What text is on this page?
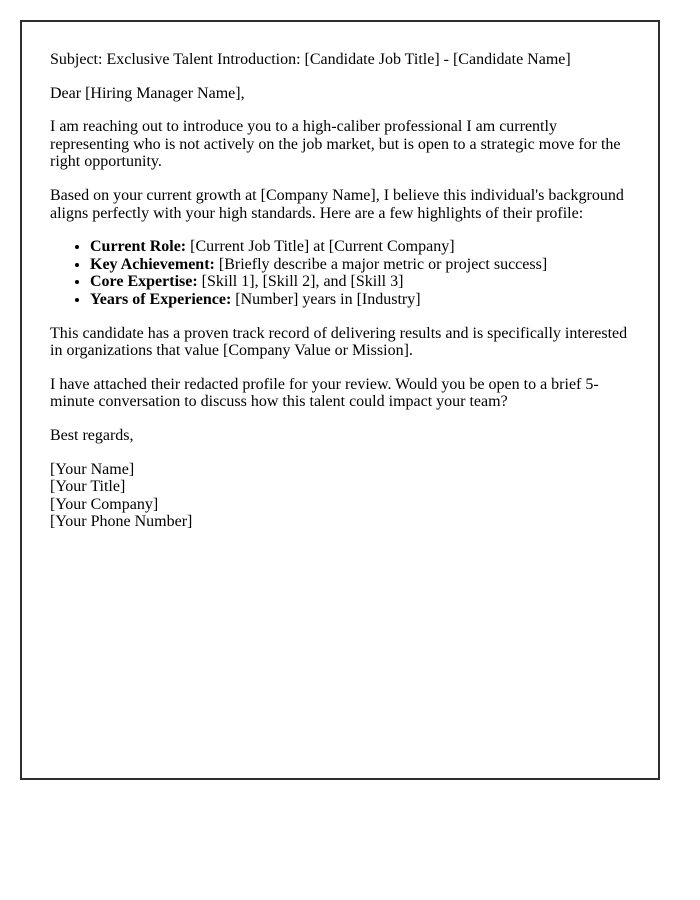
Subject: Exclusive Talent Introduction: [Candidate Job Title] - [Candidate Name]

Dear [Hiring Manager Name],

I am reaching out to introduce you to a high-caliber professional I am currently representing who is not actively on the job market, but is open to a strategic move for the right opportunity.

Based on your current growth at [Company Name], I believe this individual's background aligns perfectly with your high standards. Here are a few highlights of their profile:

• Current Role: [Current Job Title] at [Current Company]
• Key Achievement: [Briefly describe a major metric or project success]
• Core Expertise: [Skill 1], [Skill 2], and [Skill 3]
• Years of Experience: [Number] years in [Industry]

This candidate has a proven track record of delivering results and is specifically interested in organizations that value [Company Value or Mission].

I have attached their redacted profile for your review. Would you be open to a brief 5-minute conversation to discuss how this talent could impact your team?

Best regards,

[Your Name]
[Your Title]
[Your Company]
[Your Phone Number]
